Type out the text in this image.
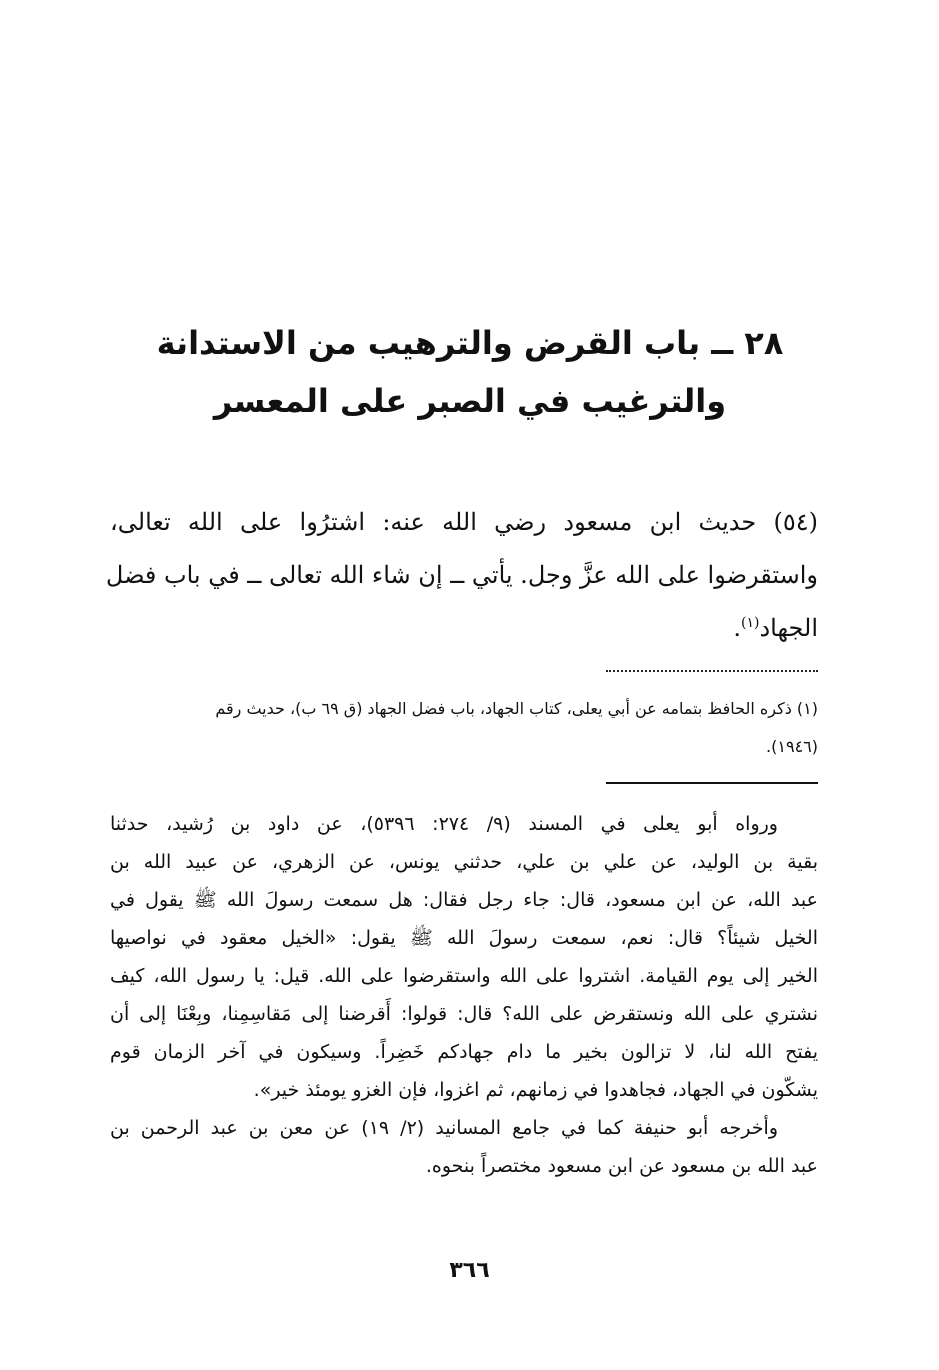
٢٨ ــ باب القرض والترهيب من الاستدانة
والترغيب في الصبر على المعسر
(٥٤) حديث ابن مسعود رضي الله عنه: اشترُوا على الله تعالى،
واستقرضوا على الله عزَّ وجل. يأتي ــ إن شاء الله تعالى ــ في باب فضل
الجهاد$^{(١)}$.
(١) ذكره الحافظ بتمامه عن أبي يعلى، كتاب الجهاد، باب فضل الجهاد (ق ٦٩ ب)، حديث رقم
(١٩٤٦).
ورواه أبو يعلى في المسند (٩/ ٢٧٤: ٥٣٩٦)، عن داود بن رُشيد، حدثنا
بقية بن الوليد، عن علي بن علي، حدثني يونس، عن الزهري، عن عبيد الله بن
عبد الله، عن ابن مسعود، قال: جاء رجل فقال: هل سمعت رسولَ الله ﷺ يقول في
الخيل شيئاً؟ قال: نعم، سمعت رسولَ الله ﷺ يقول: «الخيل معقود في نواصيها
الخير إلى يوم القيامة. اشتروا على الله واستقرضوا على الله. قيل: يا رسول الله، كيف
نشتري على الله ونستقرض على الله؟ قال: قولوا: أَقرضنا إلى مَقاسِمِنا، وبِعْنَا إلى أن
يفتح الله لنا، لا تزالون بخير ما دام جهادكم خَضِراً. وسيكون في آخر الزمان قوم
يشكّون في الجهاد، فجاهدوا في زمانهم، ثم اغزوا، فإن الغزو يومئذ خير».
وأخرجه أبو حنيفة كما في جامع المسانيد (٢/ ١٩) عن معن بن عبد الرحمن بن
عبد الله بن مسعود عن ابن مسعود مختصراً بنحوه.
٣٦٦
